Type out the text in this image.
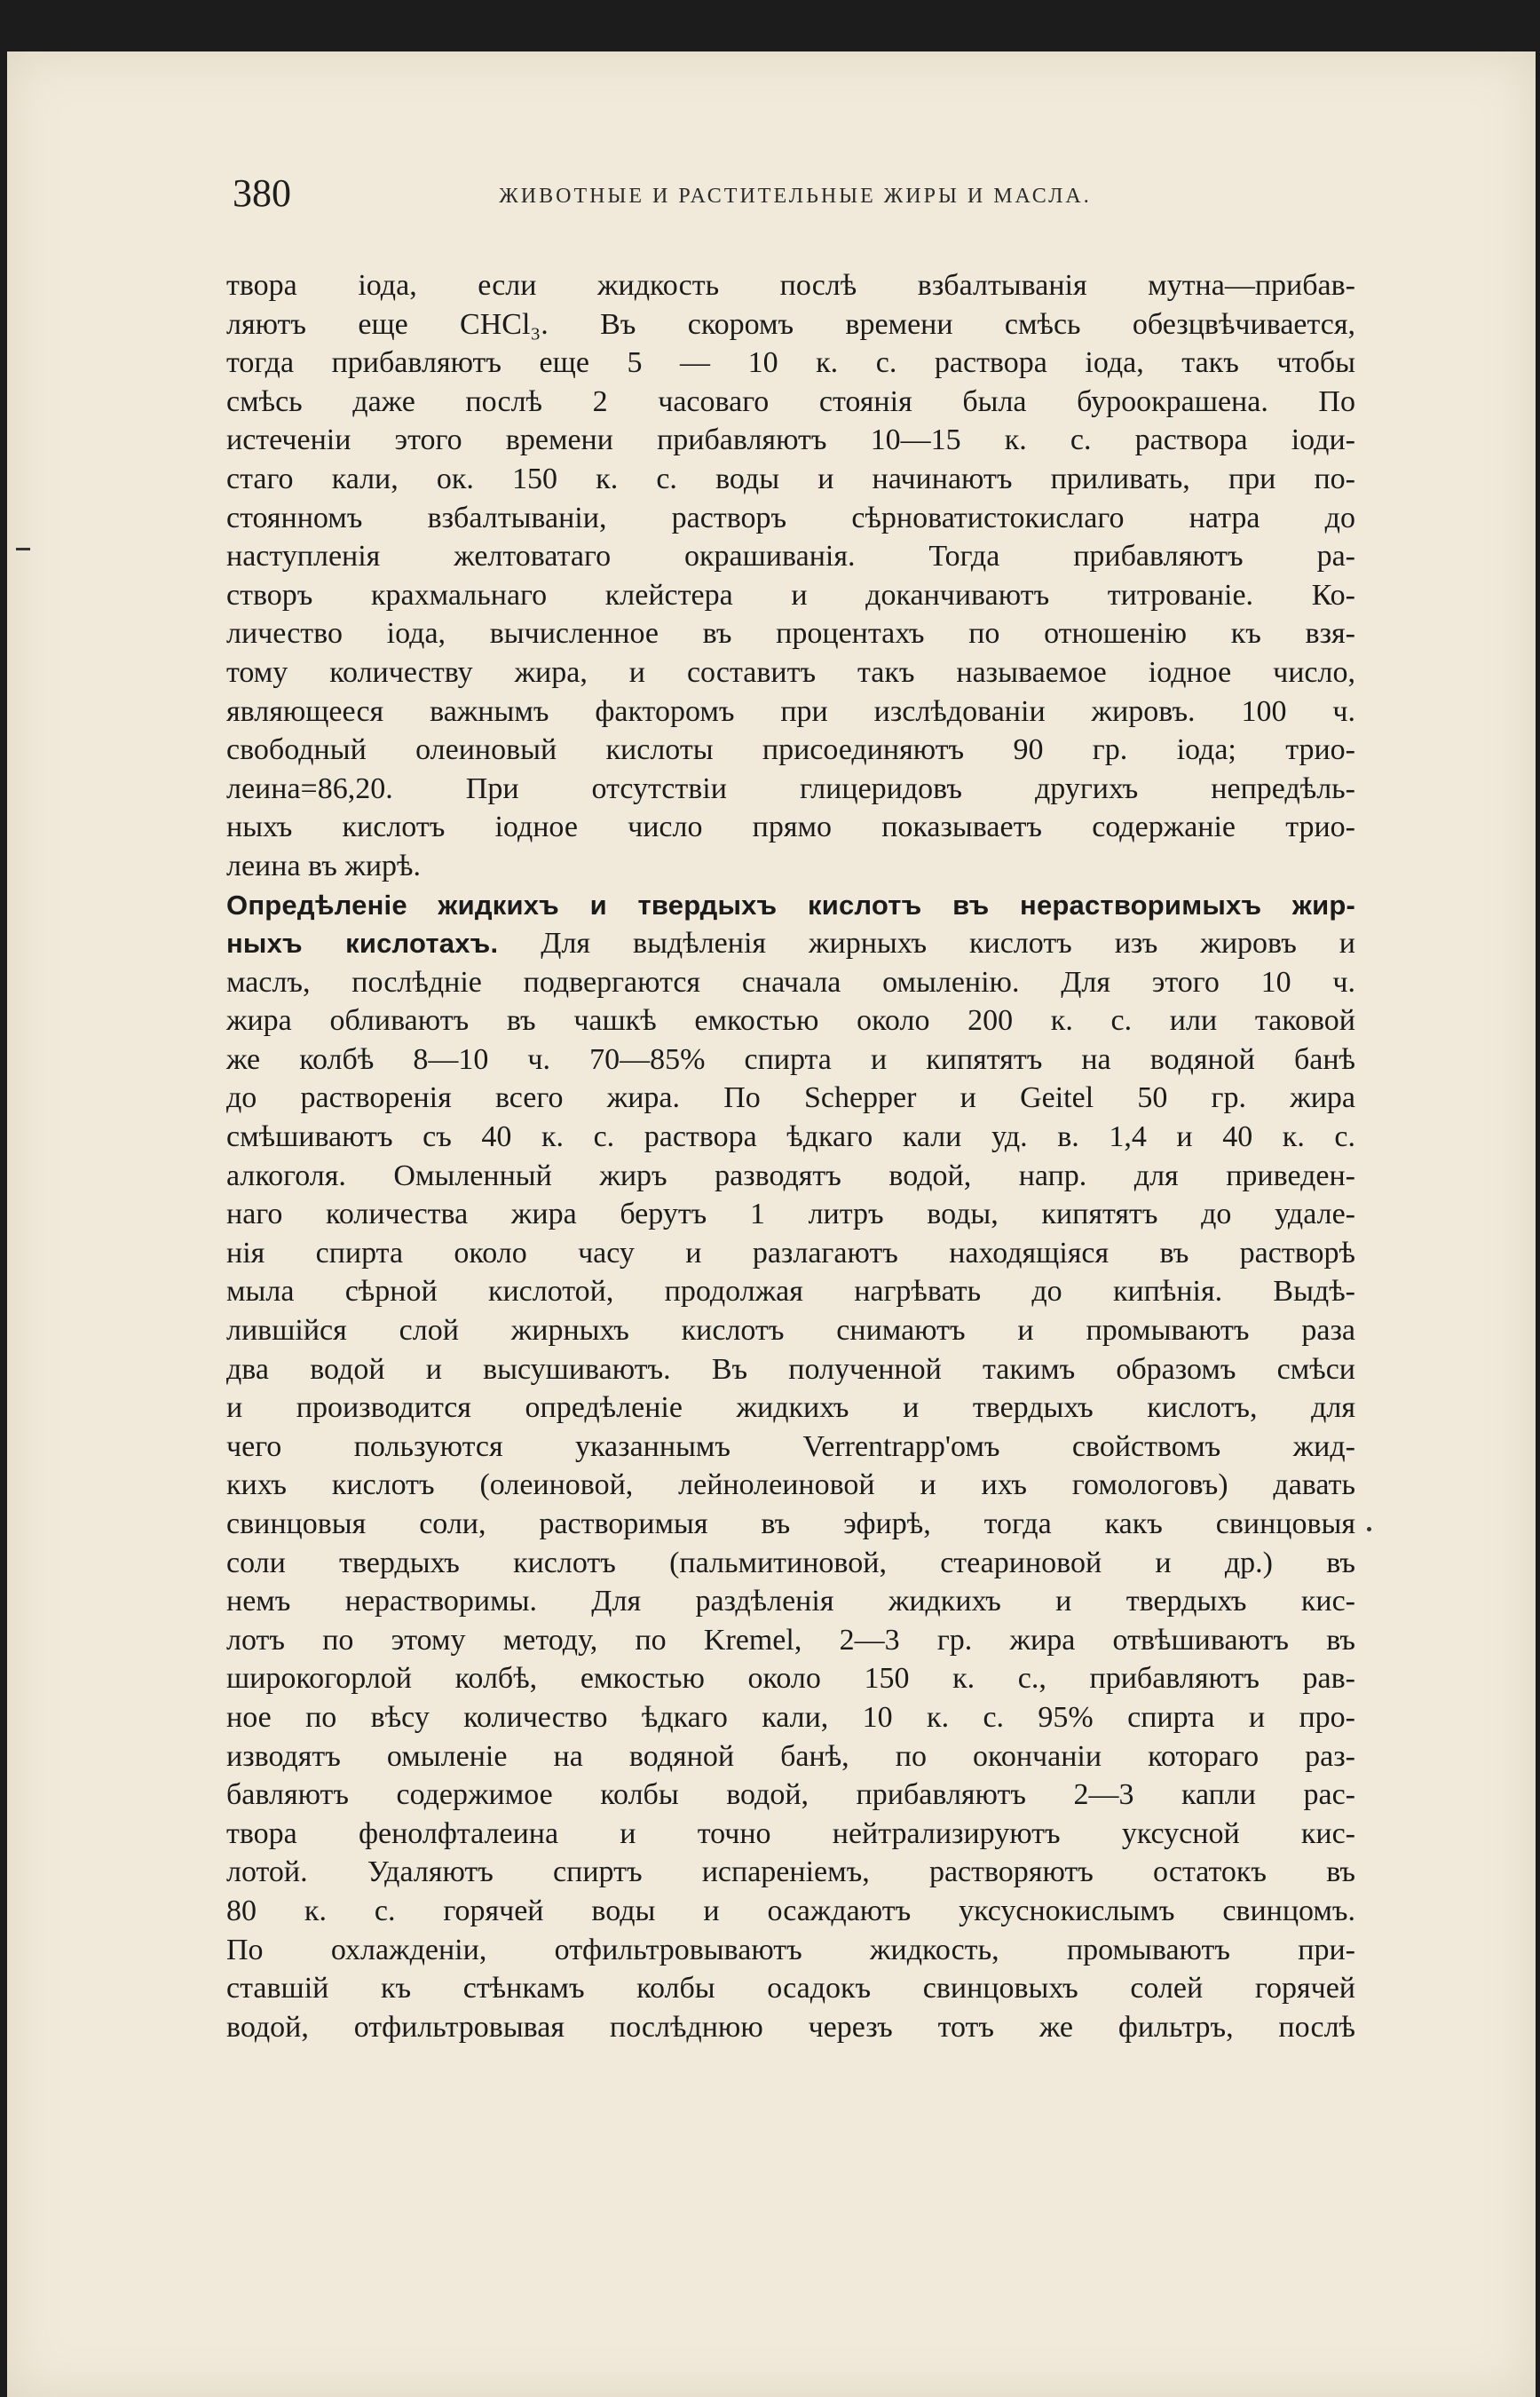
380	ЖИВОТНЫЕ И РАСТИТЕЛЬНЫЕ ЖИРЫ И МАСЛА.
твора іода, если жидкость послѣ взбалтыванія мутна—прибав-
ляютъ еще CHCl₃. Въ скоромъ времени смѣсь обезцвѣчивается,
тогда прибавляютъ еще 5 — 10 к. с. раствора іода, такъ чтобы
смѣсь даже послѣ 2 часоваго стоянія была буроокрашена. По
истеченіи этого времени прибавляютъ 10—15 к. с. раствора іоди-
стаго кали, ок. 150 к. с. воды и начинаютъ приливать, при по-
стоянномъ взбалтываніи, растворъ сѣрноватистокислаго натра до
наступленія желтоватаго окрашиванія. Тогда прибавляютъ ра-
створъ крахмальнаго клейстера и доканчиваютъ титрованіе. Ко-
личество іода, вычисленное въ процентахъ по отношенію къ взя-
тому количеству жира, и составитъ такъ называемое іодное число,
являющееся важнымъ факторомъ при изслѣдованіи жировъ. 100 ч.
свободный олеиновый кислоты присоединяютъ 90 гр. іода; трио-
леина=86,20. При отсутствіи глицеридовъ другихъ непредѣль-
ныхъ кислотъ іодное число прямо показываетъ содержаніе трио-
леина въ жирѣ.
Опредѣленіе жидкихъ и твердыхъ кислотъ въ нерастворимыхъ жир-
ныхъ кислотахъ. Для выдѣленія жирныхъ кислотъ изъ жировъ и
маслъ, послѣдніе подвергаются сначала омыленію. Для этого 10 ч.
жира обливаютъ въ чашкѣ емкостью около 200 к. с. или таковой
же колбѣ 8—10 ч. 70—85% спирта и кипятятъ на водяной банѣ
до растворенія всего жира. По Schepper и Geitel 50 гр. жира
смѣшиваютъ съ 40 к. с. раствора ѣдкаго кали уд. в. 1,4 и 40 к. с.
алкоголя. Омыленный жиръ разводятъ водой, напр. для приведен-
наго количества жира берутъ 1 литръ воды, кипятятъ до удале-
нія спирта около часу и разлагаютъ находящіяся въ растворѣ
мыла сѣрной кислотой, продолжая нагрѣвать до кипѣнія. Выдѣ-
лившійся слой жирныхъ кислотъ снимаютъ и промываютъ раза
два водой и высушиваютъ. Въ полученной такимъ образомъ смѣси
и производится опредѣленіе жидкихъ и твердыхъ кислотъ, для
чего пользуются указаннымъ Verrentrapp'омъ свойствомъ жид-
кихъ кислотъ (олеиновой, лейнолеиновой и ихъ гомологовъ) давать
свинцовыя соли, растворимыя въ эфирѣ, тогда какъ свинцовыя
соли твердыхъ кислотъ (пальмитиновой, стеариновой и др.) въ
немъ нерастворимы. Для раздѣленія жидкихъ и твердыхъ кис-
лотъ по этому методу, по Kremel, 2—3 гр. жира отвѣшиваютъ въ
широкогорлой колбѣ, емкостью около 150 к. с., прибавляютъ рав-
ное по вѣсу количество ѣдкаго кали, 10 к. с. 95% спирта и про-
изводятъ омыленіе на водяной банѣ, по окончаніи котораго раз-
бавляютъ содержимое колбы водой, прибавляютъ 2—3 капли рас-
твора фенолфталеина и точно нейтрализируютъ уксусной кис-
лотой. Удаляютъ спиртъ испареніемъ, растворяютъ остатокъ въ
80 к. с. горячей воды и осаждаютъ уксуснокислымъ свинцомъ.
По охлажденіи, отфильтровываютъ жидкость, промываютъ при-
ставшій къ стѣнкамъ колбы осадокъ свинцовыхъ солей горячей
водой, отфильтровывая послѣднюю черезъ тотъ же фильтръ, послѣ
